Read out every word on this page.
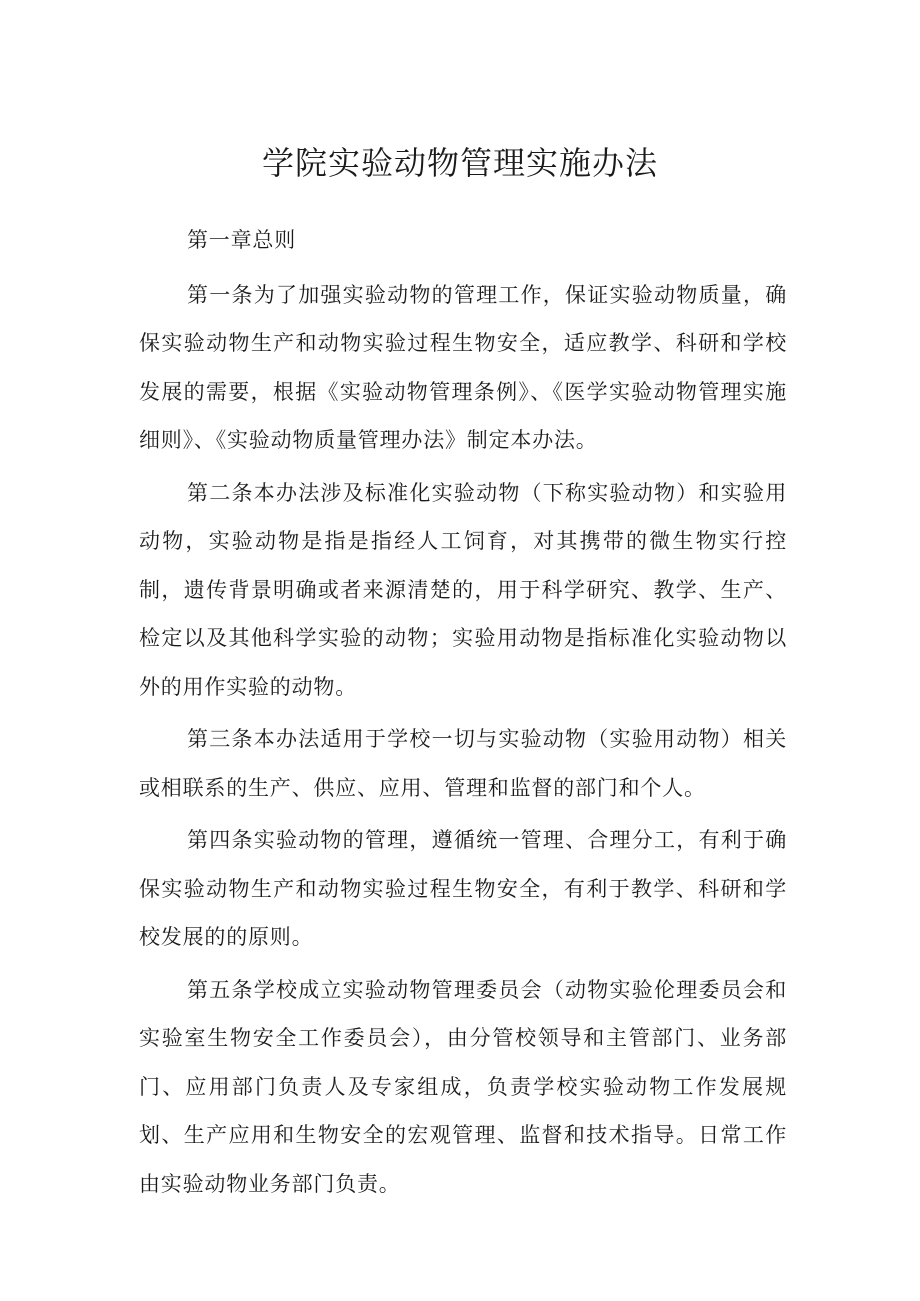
学院实验动物管理实施办法

第一章总则

第一条为了加强实验动物的管理工作，保证实验动物质量，确保实验动物生产和动物实验过程生物安全，适应教学、科研和学校发展的需要，根据《实验动物管理条例》、《医学实验动物管理实施细则》、《实验动物质量管理办法》制定本办法。

第二条本办法涉及标准化实验动物（下称实验动物）和实验用动物，实验动物是指是指经人工饲育，对其携带的微生物实行控制，遗传背景明确或者来源清楚的，用于科学研究、教学、生产、检定以及其他科学实验的动物；实验用动物是指标准化实验动物以外的用作实验的动物。

第三条本办法适用于学校一切与实验动物（实验用动物）相关或相联系的生产、供应、应用、管理和监督的部门和个人。

第四条实验动物的管理，遵循统一管理、合理分工，有利于确保实验动物生产和动物实验过程生物安全，有利于教学、科研和学校发展的的原则。

第五条学校成立实验动物管理委员会（动物实验伦理委员会和实验室生物安全工作委员会），由分管校领导和主管部门、业务部门、应用部门负责人及专家组成，负责学校实验动物工作发展规划、生产应用和生物安全的宏观管理、监督和技术指导。日常工作由实验动物业务部门负责。
